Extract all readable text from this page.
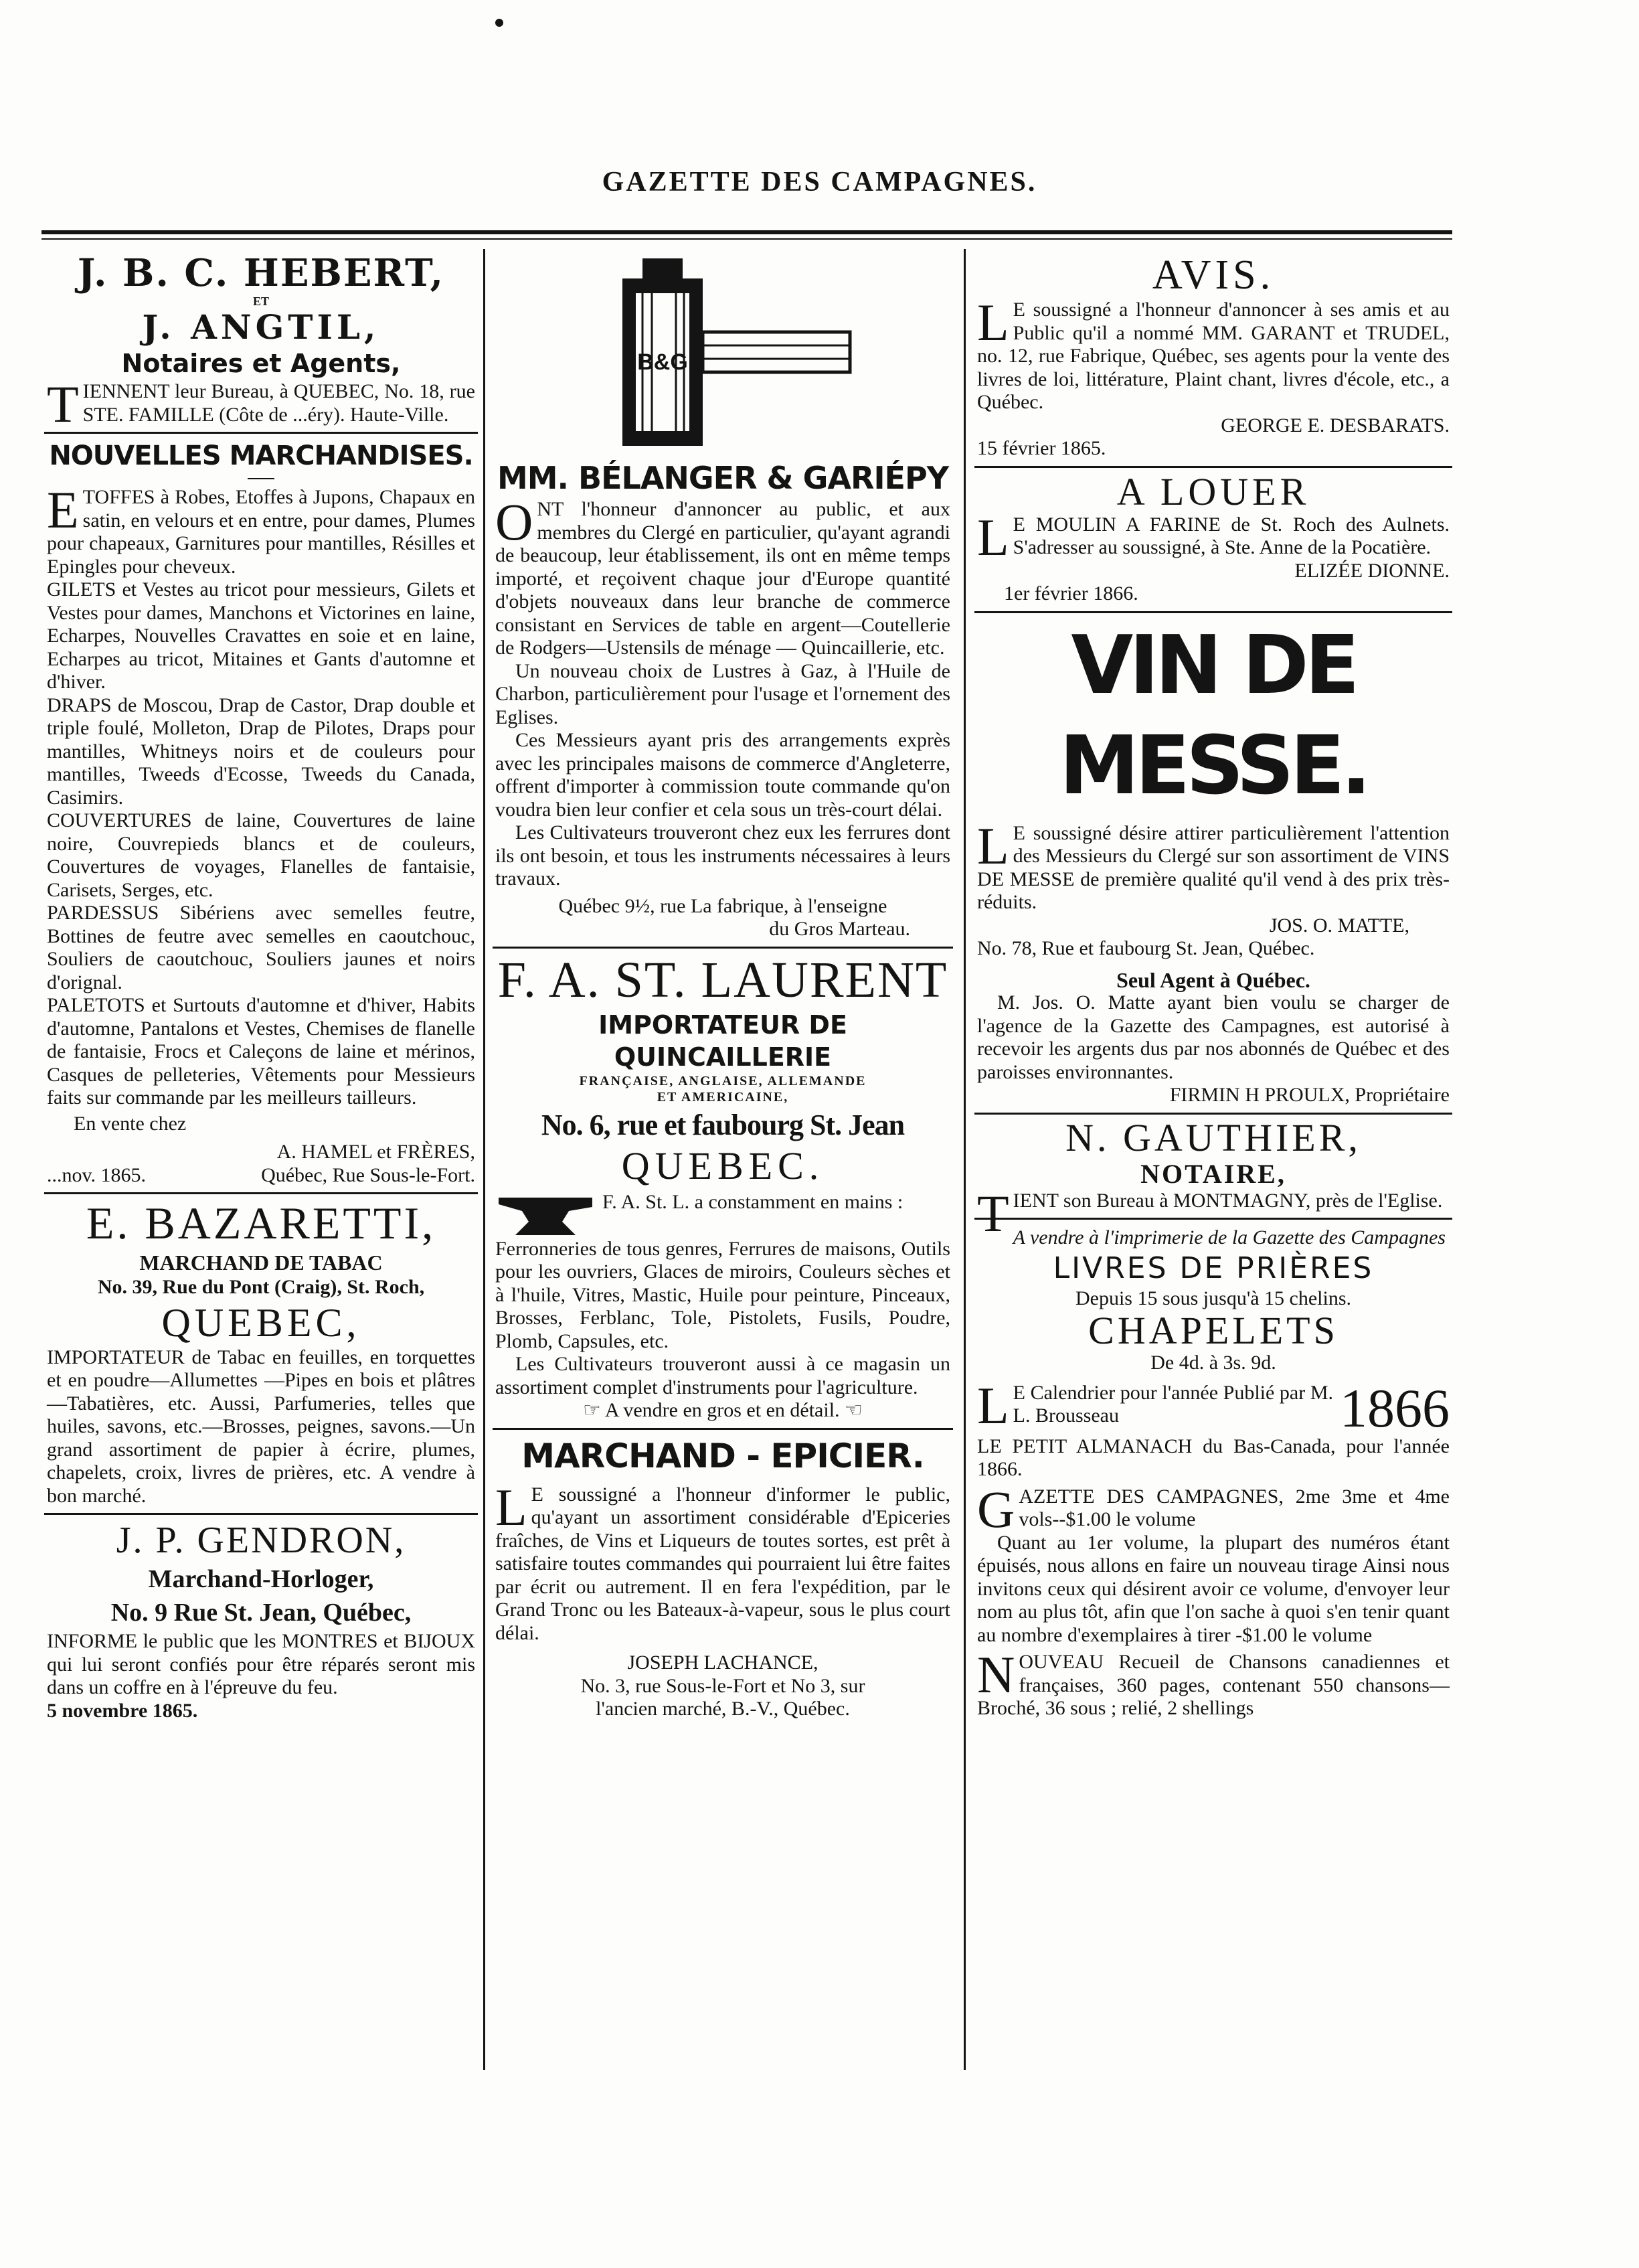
GAZETTE DES CAMPAGNES.
J. B. C. HEBERT,
ET
J. ANGTIL,
Notaires et Agents,

TIENNENT leur Bureau, à QUEBEC, No. 18, rue STE. FAMILLE (Côte de ...éry). Haute-Ville.

NOUVELLES MARCHANDISES.

ETOFFES à Robes, Etoffes à Jupons, Chapaux en satin, en velours et en entre, pour dames, Plumes pour chapeaux, Garnitures pour mantilles, Résilles et Epingles pour cheveux.

GILETS et Vestes au tricot pour messieurs, Gilets et Vestes pour dames, Manchons et Victorines en laine, Echarpes, Nouvelles Cravattes en soie et en laine, Echarpes au tricot, Mitaines et Gants d'automne et d'hiver.

DRAPS de Moscou, Drap de Castor, Drap double et triple foulé, Molleton, Drap de Pilotes, Draps pour mantilles, Whitneys noirs et de couleurs pour mantilles, Tweeds d'Ecosse, Tweeds du Canada, Casimirs.

COUVERTURES de laine, Couvertures de laine noire, Couvrepieds blancs et de couleurs, Couvertures de voyages, Flanelles de fantaisie, Carisets, Serges, etc.

PARDESSUS Sibériens avec semelles feutre, Bottines de feutre avec semelles en caoutchouc, Souliers de caoutchouc, Souliers jaunes et noirs d'orignal.

PALETOTS et Surtouts d'automne et d'hiver, Habits d'automne, Pantalons et Vestes, Chemises de flanelle de fantaisie, Frocs et Caleçons de laine et mérinos, Casques de pelleteries, Vêtements pour Messieurs faits sur commande par les meilleurs tailleurs.

En vente chez

A. HAMEL et FRÈRES,

...nov. 1865.	Québec, Rue Sous-le-Fort.

E. BAZARETTI,
MARCHAND DE TABAC

No. 39, Rue du Pont (Craig), St. Roch,

QUEBEC,

IMPORTATEUR de Tabac en feuilles, en torquettes et en poudre—Allumettes —Pipes en bois et plâtres—Tabatières, etc. Aussi, Parfumeries, telles que huiles, savons, etc.—Brosses, peignes, savons.—Un grand assortiment de papier à écrire, plumes, chapelets, croix, livres de prières, etc. A vendre à bon marché.

J. P. GENDRON,
Marchand-Horloger,
No. 9 Rue St. Jean, Québec,

INFORME le public que les MONTRES et BIJOUX qui lui seront confiés pour être réparés seront mis dans un coffre en à l'épreuve du feu.

5 novembre 1865.

B&G
MM. BÉLANGER & GARIÉPY

ONT l'honneur d'annoncer au public, et aux membres du Clergé en particulier, qu'ayant agrandi de beaucoup, leur établissement, ils ont en même temps importé, et reçoivent chaque jour d'Europe quantité d'objets nouveaux dans leur branche de commerce consistant en Services de table en argent—Coutellerie de Rodgers—Ustensils de ménage — Quincaillerie, etc.

Un nouveau choix de Lustres à Gaz, à l'Huile de Charbon, particulièrement pour l'usage et l'ornement des Eglises.

Ces Messieurs ayant pris des arrangements exprès avec les principales maisons de commerce d'Angleterre, offrent d'importer à commission toute commande qu'on voudra bien leur confier et cela sous un très-court délai.

Les Cultivateurs trouveront chez eux les ferrures dont ils ont besoin, et tous les instruments nécessaires à leurs travaux.

Québec 9½, rue La fabrique, à l'enseigne

du Gros Marteau.

F. A. ST. LAURENT
IMPORTATEUR DE QUINCAILLERIE
FRANÇAISE, ANGLAISE, ALLEMANDE
ET AMERICAINE,
No. 6, rue et faubourg St. Jean
QUEBEC.

F. A. St. L. a constamment en mains :

Ferronneries de tous genres, Ferrures de maisons, Outils pour les ouvriers, Glaces de miroirs, Couleurs sèches et à l'huile, Vitres, Mastic, Huile pour peinture, Pinceaux, Brosses, Ferblanc, Tole, Pistolets, Fusils, Poudre, Plomb, Capsules, etc.

Les Cultivateurs trouveront aussi à ce magasin un assortiment complet d'instruments pour l'agriculture.

☞ A vendre en gros et en détail. ☜

MARCHAND - EPICIER.

L E soussigné a l'honneur d'informer le public, qu'ayant un assortiment considérable d'Epiceries fraîches, de Vins et Liqueurs de toutes sortes, est prêt à satisfaire toutes commandes qui pourraient lui être faites par écrit ou autrement. Il en fera l'expédition, par le Grand Tronc ou les Bateaux-à-vapeur, sous le plus court délai.

JOSEPH LACHANCE,

No. 3, rue Sous-le-Fort et No 3, sur

l'ancien marché, B.-V., Québec.

AVIS.

L E soussigné a l'honneur d'annoncer à ses amis et au Public qu'il a nommé MM. GARANT et TRUDEL, no. 12, rue Fabrique, Québec, ses agents pour la vente des livres de loi, littérature, Plaint chant, livres d'école, etc., a Québec.

GEORGE E. DESBARATS.

15 février 1865.

A LOUER

L E MOULIN A FARINE de St. Roch des Aulnets. S'adresser au soussigné, à Ste. Anne de la Pocatière.

ELIZÉE DIONNE.

1er février 1866.

VIN DE MESSE.

L E soussigné désire attirer particulièrement l'attention des Messieurs du Clergé sur son assortiment de VINS DE MESSE de première qualité qu'il vend à des prix très-réduits.

JOS. O. MATTE,

No. 78, Rue et faubourg St. Jean, Québec.

Seul Agent à Québec.

M. Jos. O. Matte ayant bien voulu se charger de l'agence de la Gazette des Campagnes, est autorisé à recevoir les argents dus par nos abonnés de Québec et des paroisses environnantes.

FIRMIN H PROULX, Propriétaire

N. GAUTHIER,
NOTAIRE,

TIENT son Bureau à MONTMAGNY, près de l'Eglise.

A vendre à l'imprimerie de la Gazette des Campagnes

LIVRES DE PRIÈRES

Depuis 15 sous jusqu'à 15 chelins.

CHAPELETS

De 4d. à 3s. 9d.

L	1866
E Calendrier pour l'année Publié par M. L. Brousseau

LE PETIT ALMANACH du Bas-Canada, pour l'année 1866.

GAZETTE DES CAMPAGNES, 2me 3me et 4me vols--$1.00 le volume

Quant au 1er volume, la plupart des numéros étant épuisés, nous allons en faire un nouveau tirage Ainsi nous invitons ceux qui désirent avoir ce volume, d'envoyer leur nom au plus tôt, afin que l'on sache à quoi s'en tenir quant au nombre d'exemplaires à tirer -$1.00 le volume

NOUVEAU Recueil de Chansons canadiennes et françaises, 360 pages, contenant 550 chansons—Broché, 36 sous ; relié, 2 shellings
